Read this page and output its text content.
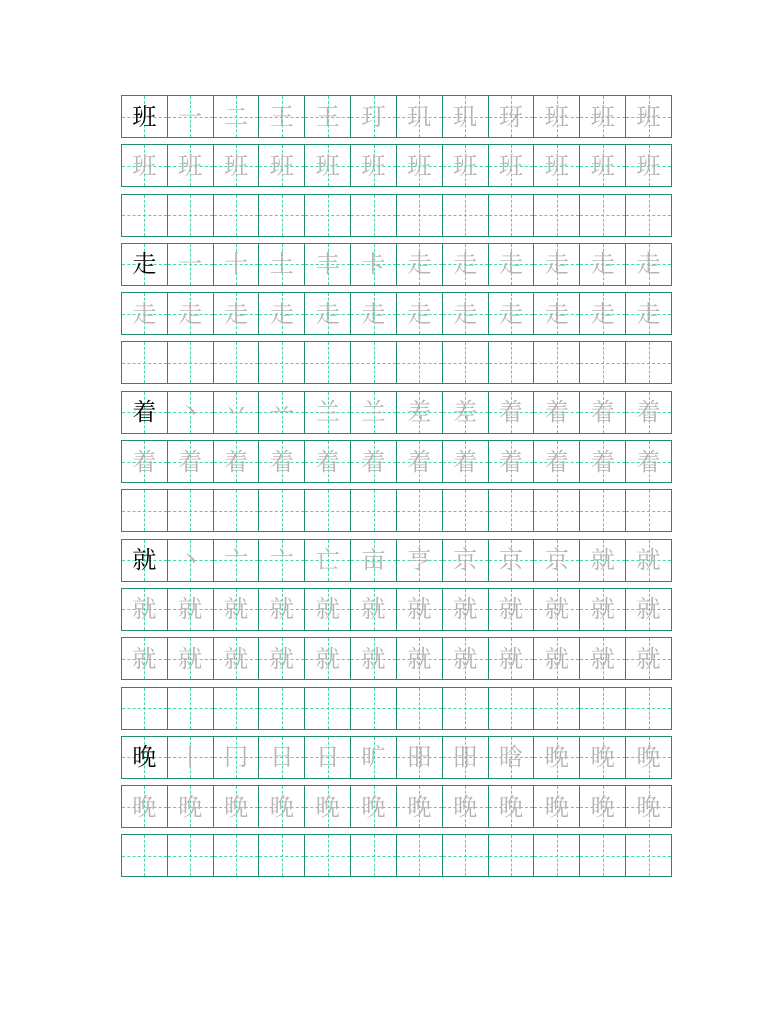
班 一 二 王 王 玎 玑 玑 玡 班 班 班
班 班 班 班 班 班 班 班 班 班 班 班
走 一 十 土 丰 卡 走 走 走 走 走 走
走 走 走 走 走 走 走 走 走 走 走 走
着 丶 丷 䒑 兰 兰 差 差 着 着 着 着
着 着 着 着 着 着 着 着 着 着 着 着
就 丶 亠 亠 亡 亩 亨 京 京 京 就 就
就 就 就 就 就 就 就 就 就 就 就 就
就 就 就 就 就 就 就 就 就 就 就 就
晚 丨 冂 日 日 旷 昍 昍 晗 晚 晚 晚
晚 晚 晚 晚 晚 晚 晚 晚 晚 晚 晚 晚
